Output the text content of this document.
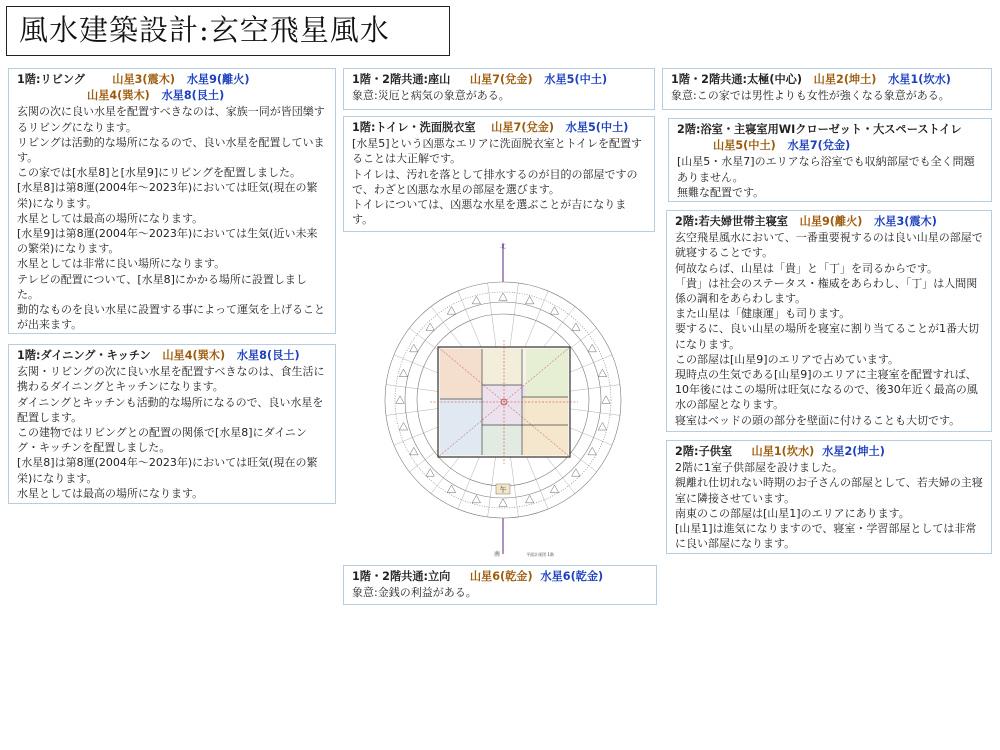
風水建築設計:玄空飛星風水
1階:リビング 山星3(震木) 水星9(離火)
山星4(巽木) 水星8(艮土)

玄関の次に良い水星を配置すべきなのは、家族一同が皆団欒するリビングになります。

リビングは活動的な場所になるので、良い水星を配置しています。

この家では[水星8]と[水星9]にリビングを配置しました。

[水星8]は第8運(2004年～2023年)においては旺気(現在の繁栄)になります。

水星としては最高の場所になります。

[水星9]は第8運(2004年～2023年)においては生気(近い未来の繁栄)になります。

水星としては非常に良い場所になります。

テレビの配置について、[水星8]にかかる場所に設置しました。

動的なものを良い水星に設置する事によって運気を上げることが出来ます。

1階:ダイニング・キッチン 山星4(巽木) 水星8(艮土)

玄関・リビングの次に良い水星を配置すべきなのは、食生活に携わるダイニングとキッチンになります。

ダイニングとキッチンも活動的な場所になるので、良い水星を配置します。

この建物ではリビングとの配置の関係で[水星8]にダイニング・キッチンを配置しました。

[水星8]は第8運(2004年～2023年)においては旺気(現在の繁栄)になります。

水星としては最高の場所になります。

1階・2階共通:座山 山星7(兌金) 水星5(中土)

象意:災厄と病気の象意がある。

1階:トイレ・洗面脱衣室 山星7(兌金) 水星5(中土)

[水星5]という凶悪なエリアに洗面脱衣室とトイレを配置することは大正解です。

トイレは、汚れを落として排水するのが目的の部屋ですので、わざと凶悪な水星の部屋を選びます。

トイレについては、凶悪な水星を選ぶことが吉になります。

1階・2階共通:太極(中心) 山星2(坤土) 水星1(坎水)

象意:この家では男性よりも女性が強くなる象意がある。

2階:浴室・主寝室用WIクローゼット・大スペーストイレ
山星5(中土) 水星7(兌金)

[山星5・水星7]のエリアなら浴室でも収納部屋でも全く問題ありません。

無難な配置です。

2階:若夫婦世帯主寝室 山星9(離火) 水星3(震木)

玄空飛星風水において、一番重要視するのは良い山星の部屋で就寝することです。

何故ならば、山星は「貴」と「丁」を司るからです。

「貴」は社会のステータス・権威をあらわし、「丁」は人間関係の調和をあらわします。

また山星は「健康運」も司ります。

要するに、良い山星の場所を寝室に割り当てることが1番大切になります。

この部屋は[山星9]のエリアで占めています。

現時点の生気である[山星9]のエリアに主寝室を配置すれば、10年後にはこの場所は旺気になるので、後30年近く最高の風水の部屋となります。

寝室はベッドの頭の部分を壁面に付けることも大切です。

2階:子供室 山星1(坎水) 水星2(坤土)

2階に1室子供部屋を設けました。

親離れ仕切れない時期のお子さんの部屋として、若夫婦の主寝室に隣接させています。

南東のこの部屋は[山星1]のエリアにあります。

[山星1]は進気になりますので、寝室・学習部屋としては非常に良い部屋になります。

1階・2階共通:立向 山星6(乾金) 水星6(乾金)

象意:金銭の利益がある。

北
午
南	平面計画図 1階
